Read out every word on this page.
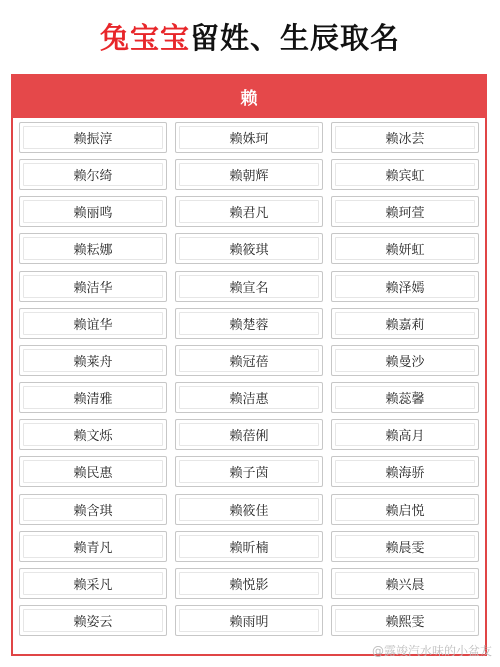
兔宝宝留姓、生辰取名
赖
赖振淳	赖姝珂	赖冰芸
赖尔绮	赖朝辉	赖宾虹
赖丽鸣	赖君凡	赖珂萱
赖耘娜	赖筱琪	赖妍虹
赖洁华	赖宣名	赖泽嫣
赖谊华	赖楚蓉	赖嘉莉
赖莱舟	赖冠蓓	赖曼沙
赖清雅	赖洁惠	赖蕊馨
赖文烁	赖蓓俐	赖高月
赖民惠	赖子茵	赖海骄
赖含琪	赖筱佳	赖启悦
赖青凡	赖昕楠	赖晨雯
赖采凡	赖悦影	赖兴晨
赖姿云	赖雨明	赖熙雯
@露竣汽水味的小盆友
